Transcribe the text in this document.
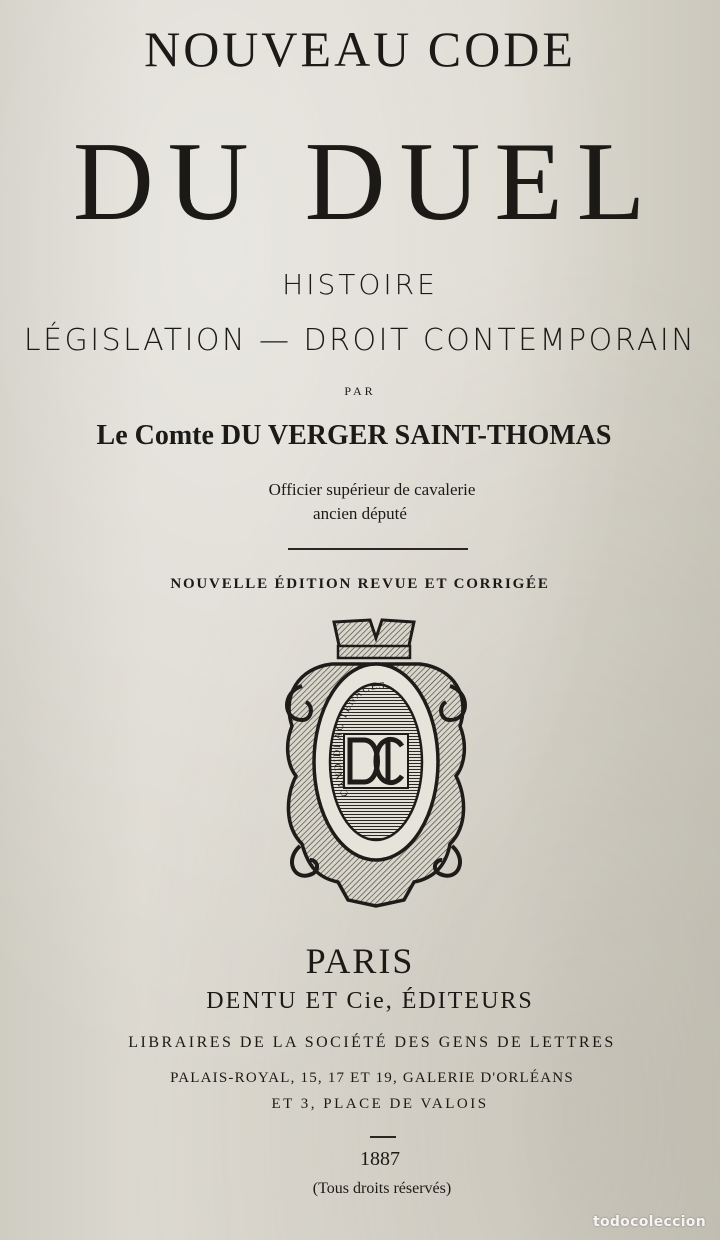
NOUVEAU CODE
DU DUEL
HISTOIRE
LÉGISLATION — DROIT CONTEMPORAIN
PAR
Le Comte DU VERGER SAINT-THOMAS
Officier supérieur de cavalerie
ancien député
NOUVELLE ÉDITION REVUE ET CORRIGÉE
CANDIDI AC TENACES
PARIS
DENTU ET Cie, ÉDITEURS
LIBRAIRES DE LA SOCIÉTÉ DES GENS DE LETTRES
PALAIS-ROYAL, 15, 17 ET 19, GALERIE D'ORLÉANS
ET 3, PLACE DE VALOIS
1887
(Tous droits réservés)
todocoleccion
